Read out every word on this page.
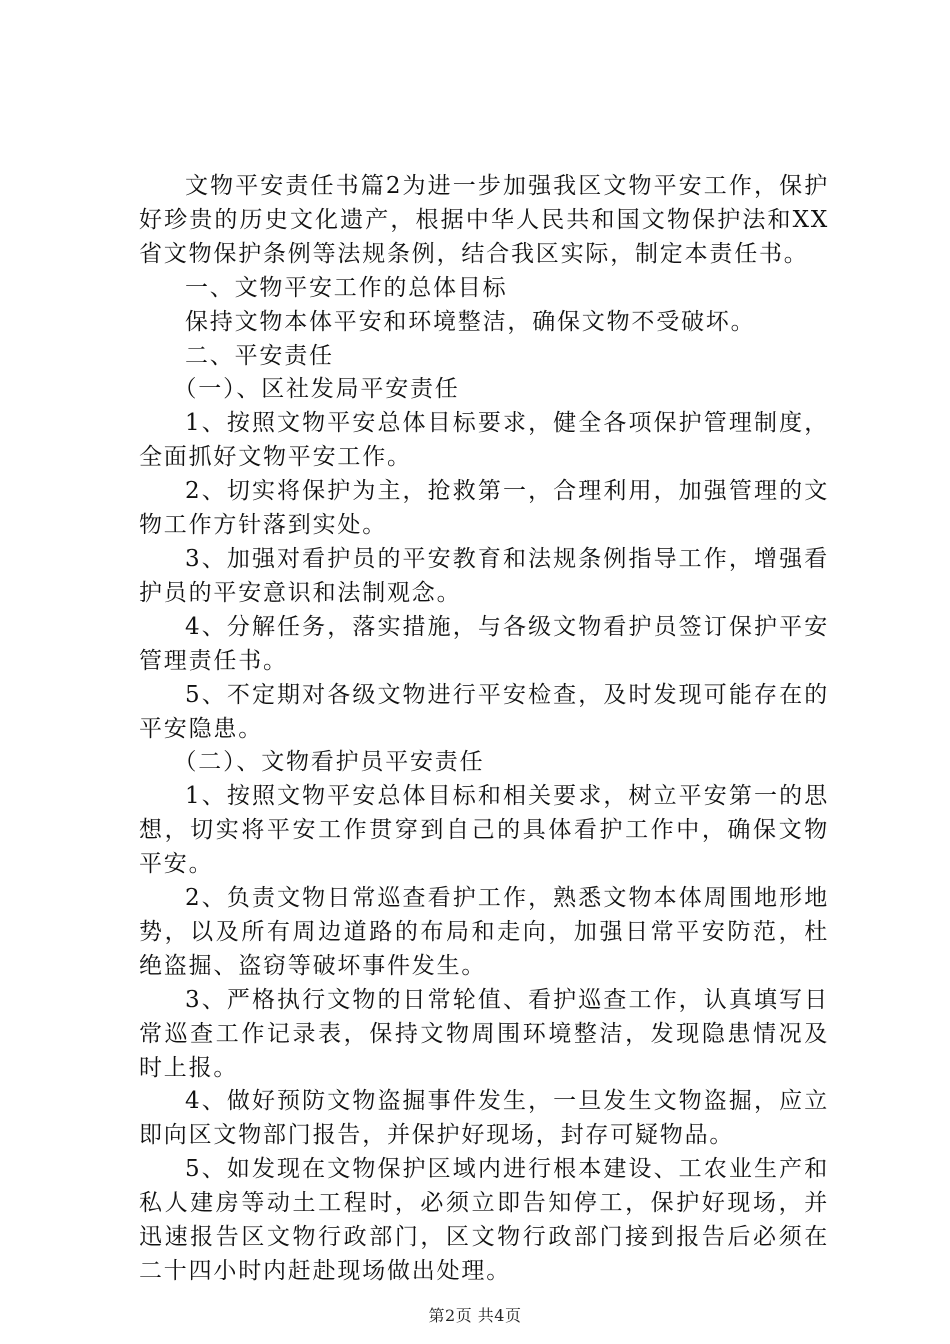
文物平安责任书篇2为进一步加强我区文物平安工作，保护好珍贵的历史文化遗产，根据中华人民共和国文物保护法和XX省文物保护条例等法规条例，结合我区实际，制定本责任书。

一、文物平安工作的总体目标

保持文物本体平安和环境整洁，确保文物不受破坏。

二、平安责任

（一）、区社发局平安责任

1、按照文物平安总体目标要求，健全各项保护管理制度，全面抓好文物平安工作。

2、切实将保护为主，抢救第一，合理利用，加强管理的文物工作方针落到实处。

3、加强对看护员的平安教育和法规条例指导工作，增强看护员的平安意识和法制观念。

4、分解任务，落实措施，与各级文物看护员签订保护平安管理责任书。

5、不定期对各级文物进行平安检查，及时发现可能存在的平安隐患。

（二）、文物看护员平安责任

1、按照文物平安总体目标和相关要求，树立平安第一的思想，切实将平安工作贯穿到自己的具体看护工作中，确保文物平安。

2、负责文物日常巡查看护工作，熟悉文物本体周围地形地势，以及所有周边道路的布局和走向，加强日常平安防范，杜绝盗掘、盗窃等破坏事件发生。

3、严格执行文物的日常轮值、看护巡查工作，认真填写日常巡查工作记录表，保持文物周围环境整洁，发现隐患情况及时上报。

4、做好预防文物盗掘事件发生，一旦发生文物盗掘，应立即向区文物部门报告，并保护好现场，封存可疑物品。

5、如发现在文物保护区域内进行根本建设、工农业生产和私人建房等动土工程时，必须立即告知停工，保护好现场，并迅速报告区文物行政部门，区文物行政部门接到报告后必须在二十四小时内赶赴现场做出处理。

第2页 共4页
